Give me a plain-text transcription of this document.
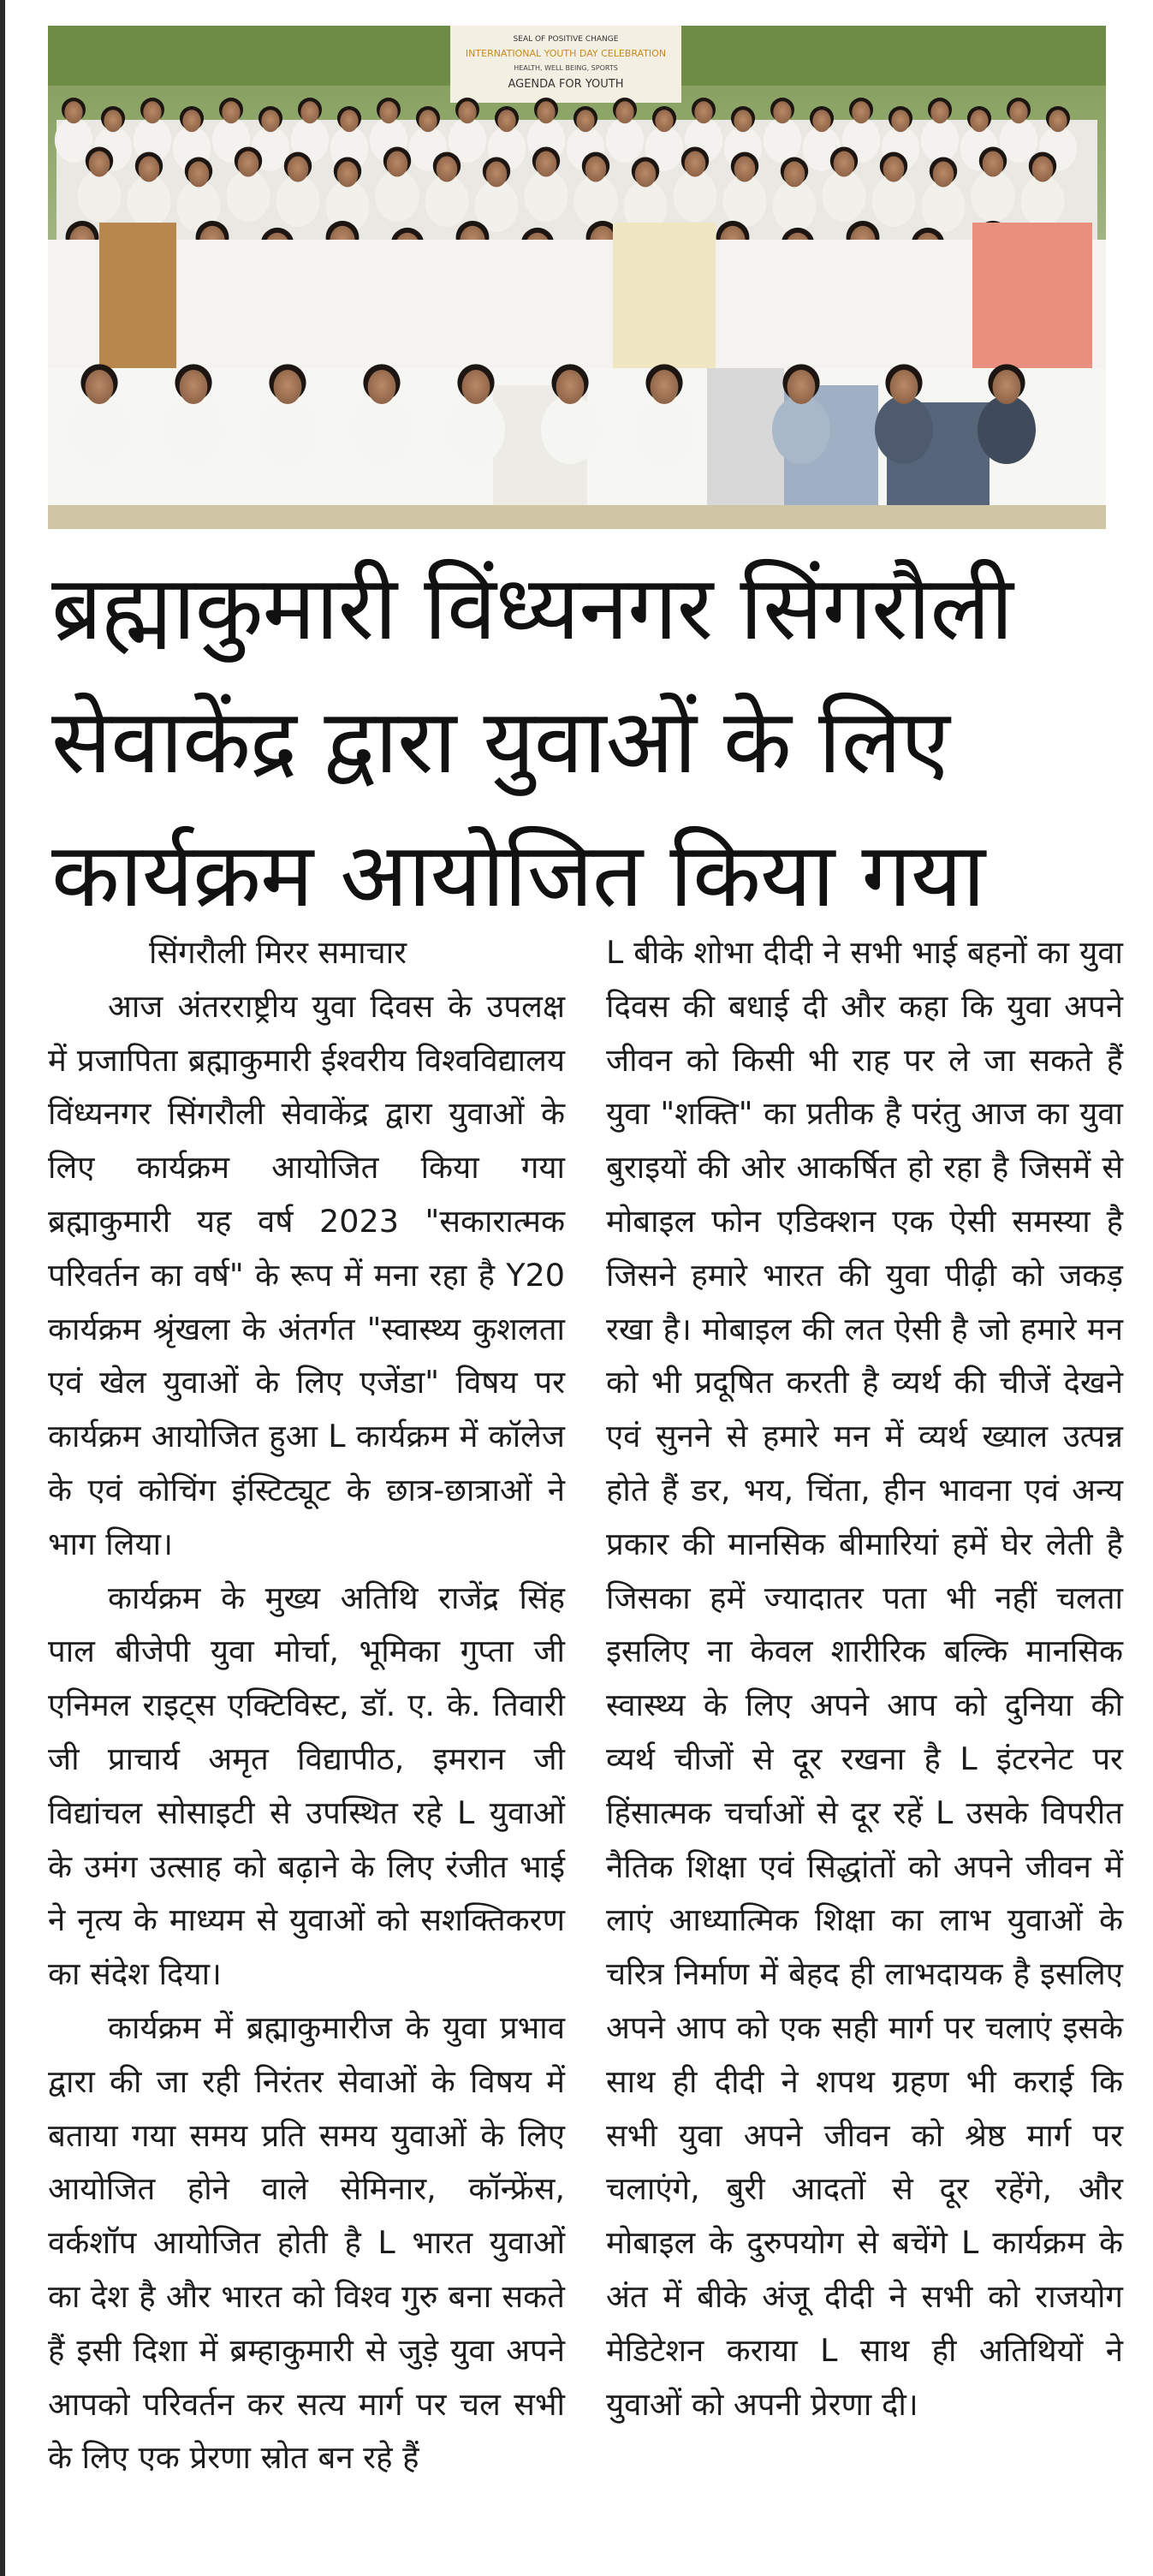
SEAL OF POSITIVE CHANGE
INTERNATIONAL YOUTH DAY CELEBRATION
HEALTH, WELL BEING, SPORTS
AGENDA FOR YOUTH
ब्रह्माकुमारी विंध्यनगर सिंगरौली
सेवाकेंद्र द्वारा युवाओं के लिए
कार्यक्रम आयोजित किया गया

सिंगरौली मिरर समाचार

आज अंतरराष्ट्रीय युवा दिवस के उपलक्ष में प्रजापिता ब्रह्माकुमारी ईश्वरीय विश्वविद्यालय विंध्यनगर सिंगरौली सेवाकेंद्र द्वारा युवाओं के लिए कार्यक्रम आयोजित किया गया ब्रह्माकुमारी यह वर्ष 2023 "सकारात्मक परिवर्तन का वर्ष" के रूप में मना रहा है Y20 कार्यक्रम श्रृंखला के अंतर्गत "स्वास्थ्य कुशलता एवं खेल युवाओं के लिए एजेंडा" विषय पर कार्यक्रम आयोजित हुआ L कार्यक्रम में कॉलेज के एवं कोचिंग इंस्टिट्यूट के छात्र-छात्राओं ने भाग लिया।

कार्यक्रम के मुख्य अतिथि राजेंद्र सिंह पाल बीजेपी युवा मोर्चा, भूमिका गुप्ता जी एनिमल राइट्स एक्टिविस्ट, डॉ. ए. के. तिवारी जी प्राचार्य अमृत विद्यापीठ, इमरान जी विद्यांचल सोसाइटी से उपस्थित रहे L युवाओं के उमंग उत्साह को बढ़ाने के लिए रंजीत भाई ने नृत्य के माध्यम से युवाओं को सशक्तिकरण का संदेश दिया।

कार्यक्रम में ब्रह्माकुमारीज के युवा प्रभाव द्वारा की जा रही निरंतर सेवाओं के विषय में बताया गया समय प्रति समय युवाओं के लिए आयोजित होने वाले सेमिनार, कॉन्फ्रेंस, वर्कशॉप आयोजित होती है L भारत युवाओं का देश है और भारत को विश्व गुरु बना सकते हैं इसी दिशा में ब्रम्हाकुमारी से जुड़े युवा अपने आपको परिवर्तन कर सत्य मार्ग पर चल सभी के लिए एक प्रेरणा स्रोत बन रहे हैं

L बीके शोभा दीदी ने सभी भाई बहनों का युवा दिवस की बधाई दी और कहा कि युवा अपने जीवन को किसी भी राह पर ले जा सकते हैं युवा "शक्ति" का प्रतीक है परंतु आज का युवा बुराइयों की ओर आकर्षित हो रहा है जिसमें से मोबाइल फोन एडिक्शन एक ऐसी समस्या है जिसने हमारे भारत की युवा पीढ़ी को जकड़ रखा है। मोबाइल की लत ऐसी है जो हमारे मन को भी प्रदूषित करती है व्यर्थ की चीजें देखने एवं सुनने से हमारे मन में व्यर्थ ख्याल उत्पन्न होते हैं डर, भय, चिंता, हीन भावना एवं अन्य प्रकार की मानसिक बीमारियां हमें घेर लेती है जिसका हमें ज्यादातर पता भी नहीं चलता इसलिए ना केवल शारीरिक बल्कि मानसिक स्वास्थ्य के लिए अपने आप को दुनिया की व्यर्थ चीजों से दूर रखना है L इंटरनेट पर हिंसात्मक चर्चाओं से दूर रहें L उसके विपरीत नैतिक शिक्षा एवं सिद्धांतों को अपने जीवन में लाएं आध्यात्मिक शिक्षा का लाभ युवाओं के चरित्र निर्माण में बेहद ही लाभदायक है इसलिए अपने आप को एक सही मार्ग पर चलाएं इसके साथ ही दीदी ने शपथ ग्रहण भी कराई कि सभी युवा अपने जीवन को श्रेष्ठ मार्ग पर चलाएंगे, बुरी आदतों से दूर रहेंगे, और मोबाइल के दुरुपयोग से बचेंगे L कार्यक्रम के अंत में बीके अंजू दीदी ने सभी को राजयोग मेडिटेशन कराया L साथ ही अतिथियों ने युवाओं को अपनी प्रेरणा दी।
